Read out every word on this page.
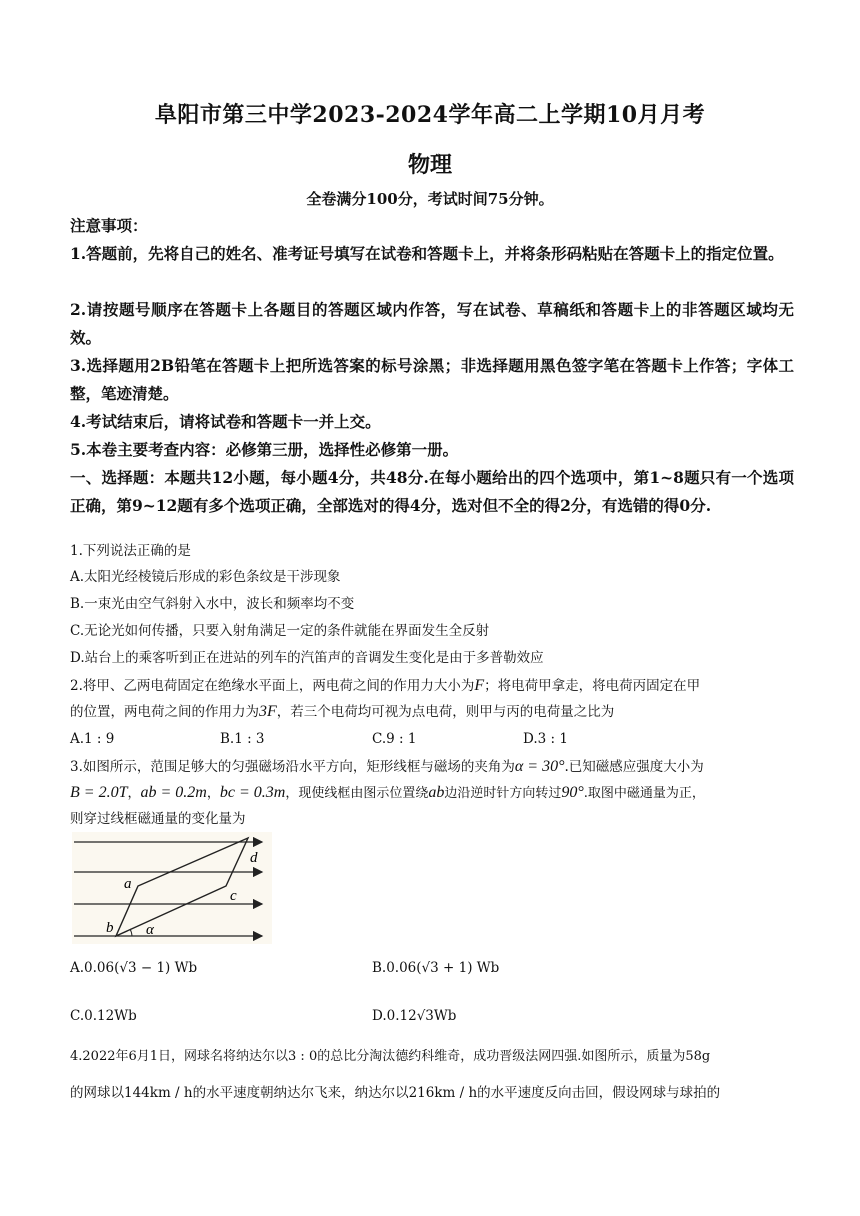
阜阳市第三中学2023-2024学年高二上学期10月月考
物理
全卷满分100分，考试时间75分钟。
注意事项：
1.答题前，先将自己的姓名、准考证号填写在试卷和答题卡上，并将条形码粘贴在答题卡上的指定位置。
2.请按题号顺序在答题卡上各题目的答题区域内作答，写在试卷、草稿纸和答题卡上的非答题区域均无效。
3.选择题用2B铅笔在答题卡上把所选答案的标号涂黑；非选择题用黑色签字笔在答题卡上作答；字体工整，笔迹清楚。
4.考试结束后，请将试卷和答题卡一并上交。
5.本卷主要考查内容：必修第三册，选择性必修第一册。
一、选择题：本题共12小题，每小题4分，共48分.在每小题给出的四个选项中，第1~8题只有一个选项正确，第9~12题有多个选项正确，全部选对的得4分，选对但不全的得2分，有选错的得0分.
1.下列说法正确的是
A.太阳光经棱镜后形成的彩色条纹是干涉现象
B.一束光由空气斜射入水中，波长和频率均不变
C.无论光如何传播，只要入射角满足一定的条件就能在界面发生全反射
D.站台上的乘客听到正在进站的列车的汽笛声的音调发生变化是由于多普勒效应
2.将甲、乙两电荷固定在绝缘水平面上，两电荷之间的作用力大小为F；将电荷甲拿走，将电荷丙固定在甲
的位置，两电荷之间的作用力为3F，若三个电荷均可视为点电荷，则甲与丙的电荷量之比为
A.1 : 9	B.1 : 3	C.9 : 1	D.3 : 1
3.如图所示，范围足够大的匀强磁场沿水平方向，矩形线框与磁场的夹角为α = 30°.已知磁感应强度大小为
B = 2.0T，ab = 0.2m，bc = 0.3m，现使线框由图示位置绕ab边沿逆时针方向转过90°.取图中磁通量为正，
则穿过线框磁通量的变化量为
a
b
c
d
α
A.0.06(√3 − 1) Wb	B.0.06(√3 + 1) Wb
C.0.12Wb	D.0.12√3Wb
4.2022年6月1日，网球名将纳达尔以3 : 0的总比分淘汰德约科维奇，成功晋级法网四强.如图所示，质量为58g
的网球以144km / h的水平速度朝纳达尔飞来，纳达尔以216km / h的水平速度反向击回，假设网球与球拍的
